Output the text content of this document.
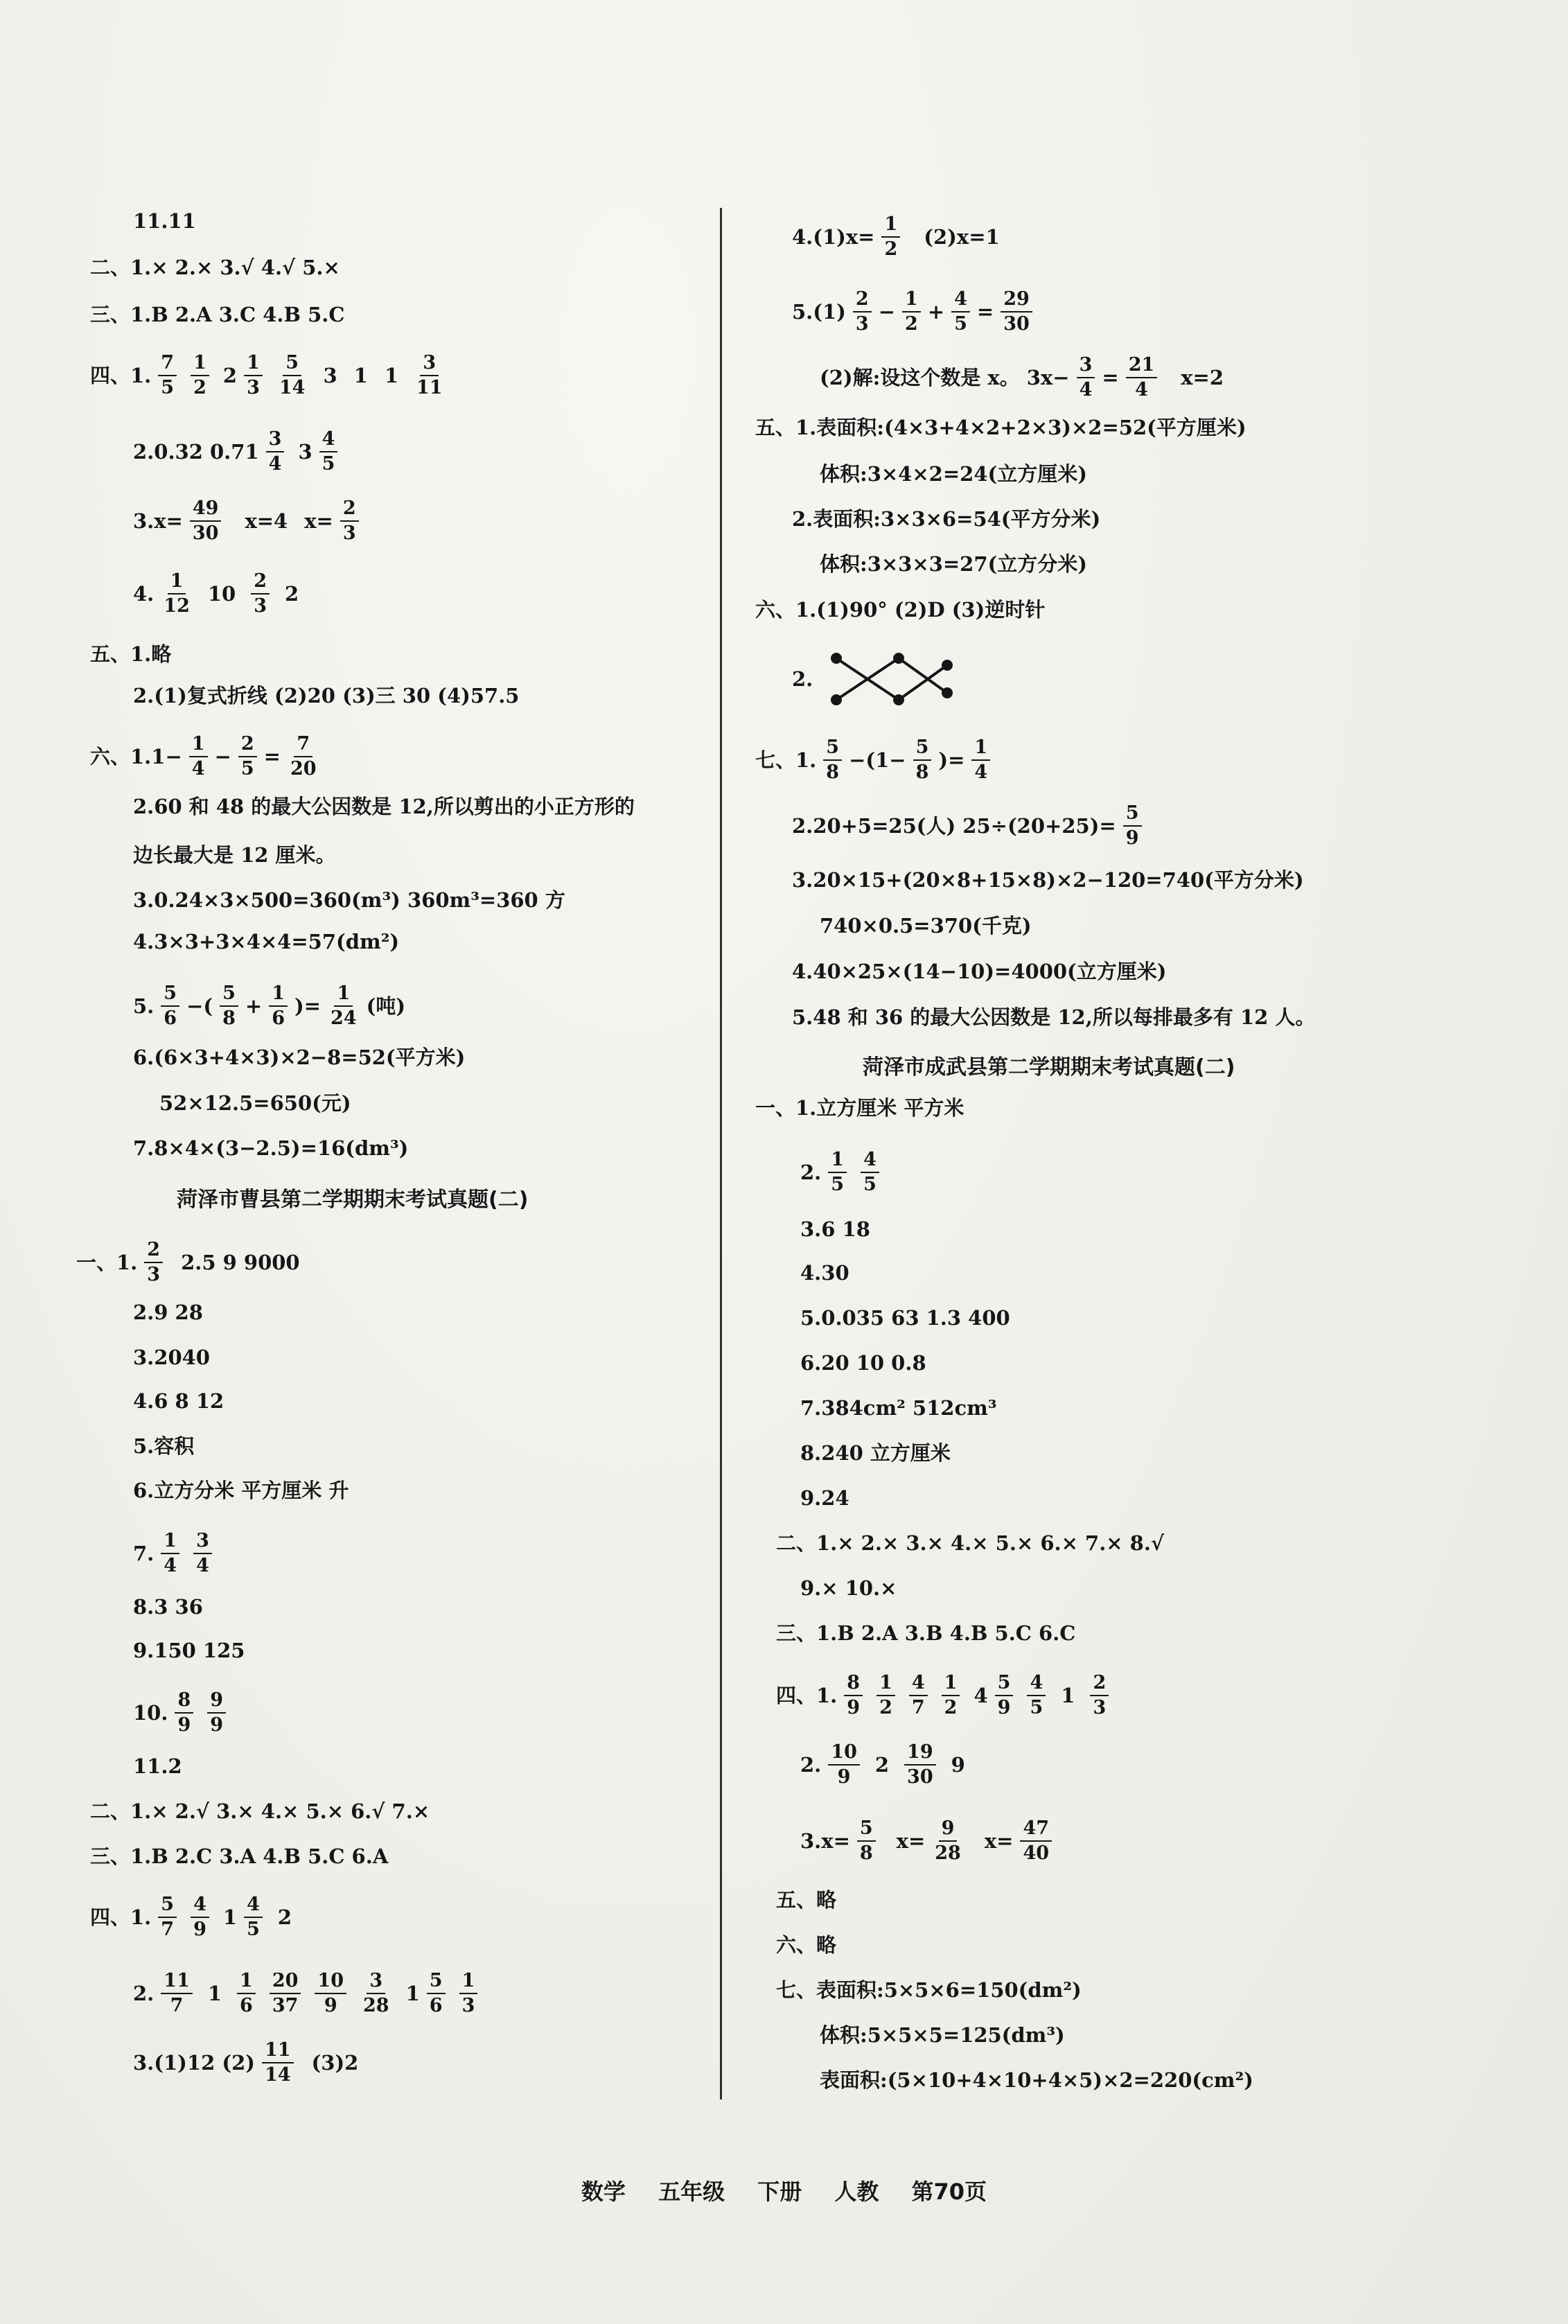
11.11
二、1.× 2.× 3.√ 4.√ 5.×
三、1.B 2.A 3.C 4.B 5.C
四、1. $\frac{7}{5} \frac{1}{2} 2 \frac{1}{3} \frac{5}{14} 3$ 1 $1 \frac{3}{11}$
2.0.32 $0.71 \frac{3}{4} 3 \frac{4}{5}$
$3.x= \frac{49}{30} x=4$ $x= \frac{2}{3}$
4. $\frac{1}{12} 10 \frac{2}{3} 2$
五、1.略
2.(1)复式折线 (2)20 (3)三 30 (4)57.5
六、$1.1- \frac{1}{4} - \frac{2}{5} = \frac{7}{20}$
2.60 和 48 的最大公因数是 12,所以剪出的小正方形的
边长最大是 12 厘米。
3.0.24×3×500=360(m³) 360m³=360 方
4.3×3+3×4×4=57(dm²)
5. $\frac{5}{6}$ −( $\frac{5}{8} + \frac{1}{6}$ )= $\frac{1}{24}$ (吨)
6.(6×3+4×3)×2−8=52(平方米)
52×12.5=650(元)
7.8×4×(3−2.5)=16(dm³)
菏泽市曹县第二学期期末考试真题(二)
一、1. $\frac{2}{3} 2.5$ 9 9000
2.9 28
3.2040
4.6 8 12
5.容积
6.立方分米 平方厘米 升
7. $\frac{1}{4} \frac{3}{4}$
8.3 36
9.150 125
10. $\frac{8}{9} \frac{9}{9}$
11.2
二、1.× 2.√ 3.× 4.× 5.× 6.√ 7.×
三、1.B 2.C 3.A 4.B 5.C 6.A
四、1. $\frac{5}{7} \frac{4}{9} 1 \frac{4}{5} 2$
2. $\frac{11}{7} 1 \frac{1}{6} \frac{20}{37} \frac{10}{9} \frac{3}{28} 1 \frac{5}{6} \frac{1}{3}$
3.(1)12 $(2) \frac{11}{14} (3)2$
$4.(1)x= \frac{1}{2} (2)x=1$
$5.(1) \frac{2}{3} - \frac{1}{2} + \frac{4}{5} = \frac{29}{30}$
(2)解:设这个数是 x。 $3x- \frac{3}{4} = \frac{21}{4} x=2$
五、1.表面积:(4×3+4×2+2×3)×2=52(平方厘米)
体积:3×4×2=24(立方厘米)
2.表面积:3×3×6=54(平方分米)
体积:3×3×3=27(立方分米)
六、1.(1)90° (2)D (3)逆时针
2.
七、1. $\frac{5}{8} -(1- \frac{5}{8}$ )= $\frac{1}{4}$
2.20+5=25(人) $25\div(20+25)= \frac{5}{9}$
3.20×15+(20×8+15×8)×2−120=740(平方分米)
740×0.5=370(千克)
4.40×25×(14−10)=4000(立方厘米)
5.48 和 36 的最大公因数是 12,所以每排最多有 12 人。
菏泽市成武县第二学期期末考试真题(二)
一、1.立方厘米 平方米
2. $\frac{1}{5} \frac{4}{5}$
3.6 18
4.30
5.0.035 63 1.3 400
6.20 10 0.8
7.384cm² 512cm³
8.240 立方厘米
9.24
二、1.× 2.× 3.× 4.× 5.× 6.× 7.× 8.√
9.× 10.×
三、1.B 2.A 3.B 4.B 5.C 6.C
四、1. $\frac{8}{9} \frac{1}{2} \frac{4}{7} \frac{1}{2} 4 \frac{5}{9} \frac{4}{5} 1 \frac{2}{3}$
2. $\frac{10}{9} 2 \frac{19}{30} 9$
$3.x= \frac{5}{8} x= \frac{9}{28} x= \frac{47}{40}$
五、略
六、略
七、表面积:5×5×6=150(dm²)
体积:5×5×5=125(dm³)
表面积:(5×10+4×10+4×5)×2=220(cm²)
数学 五年级 下册 人教 第70页
